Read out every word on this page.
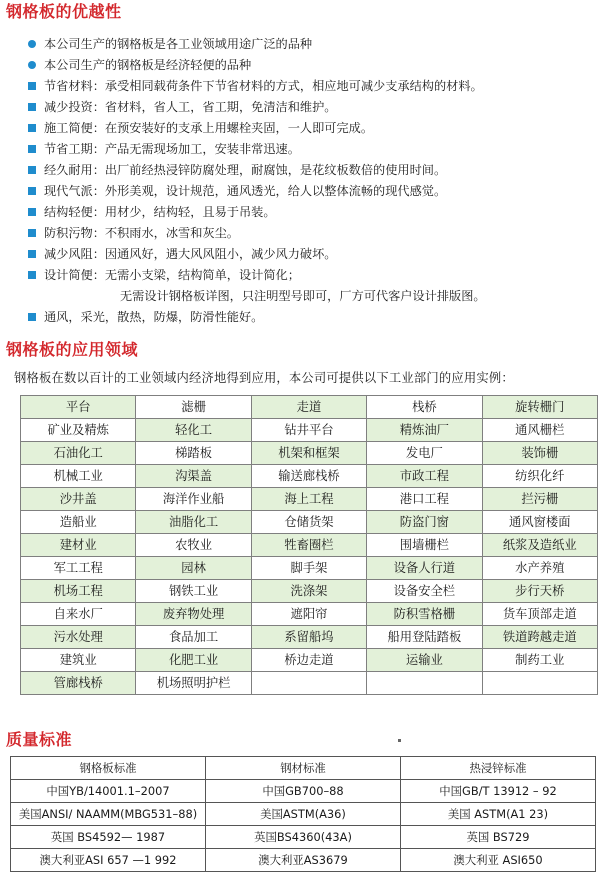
钢格板的优越性
本公司生产的钢格板是各工业领域用途广泛的品种
本公司生产的钢格板是经济轻便的品种
节省材料：承受相同载荷条件下节省材料的方式，相应地可减少支承结构的材料。
减少投资：省材料，省人工，省工期，免清洁和维护。
施工简便：在预安装好的支承上用螺栓夹固，一人即可完成。
节省工期：产品无需现场加工，安装非常迅速。
经久耐用：出厂前经热浸锌防腐处理，耐腐蚀，是花纹板数倍的使用时间。
现代气派：外形美观，设计规范，通风透光，给人以整体流畅的现代感觉。
结构轻便：用材少，结构轻，且易于吊装。
防积污物：不积雨水，冰雪和灰尘。
减少风阻：因通风好，遇大风风阻小，减少风力破坏。
设计简便：无需小支梁，结构简单，设计简化；
无需设计钢格板详图，只注明型号即可，厂方可代客户设计排版图。
通风，采光，散热，防爆，防滑性能好。
钢格板的应用领域
钢格板在数以百计的工业领域内经济地得到应用，本公司可提供以下工业部门的应用实例：
平台	滤栅	走道	栈桥	旋转栅门
矿业及精炼	轻化工	钻井平台	精炼油厂	通风栅栏
石油化工	梯踏板	机架和框架	发电厂	装饰栅
机械工业	沟渠盖	输送廊栈桥	市政工程	纺织化纤
沙井盖	海洋作业船	海上工程	港口工程	拦污栅
造船业	油脂化工	仓储货架	防盗门窗	通风窗楼面
建材业	农牧业	牲畜圈栏	围墙栅栏	纸浆及造纸业
军工工程	园林	脚手架	设备人行道	水产养殖
机场工程	钢铁工业	洗涤架	设备安全栏	步行天桥
自来水厂	废弃物处理	遮阳帘	防积雪格栅	货车顶部走道
污水处理	食品加工	系留船坞	船用登陆踏板	铁道跨越走道
建筑业	化肥工业	桥边走道	运输业	制药工业
管廊栈桥	机场照明护栏			
质量标准
钢格板标准	钢材标准	热浸锌标准
中国YB/14001.1–2007	中国GB700–88	中国GB/T 13912 – 92
美国ANSI/ NAAMM(MBG531–88)	美国ASTM(A36)	美国 ASTM(A1 23)
英国 BS4592— 1987	英国BS4360(43A)	英国 BS729
澳大利亚ASI 657 —1 992	澳大利亚AS3679	澳大利亚 ASI650
